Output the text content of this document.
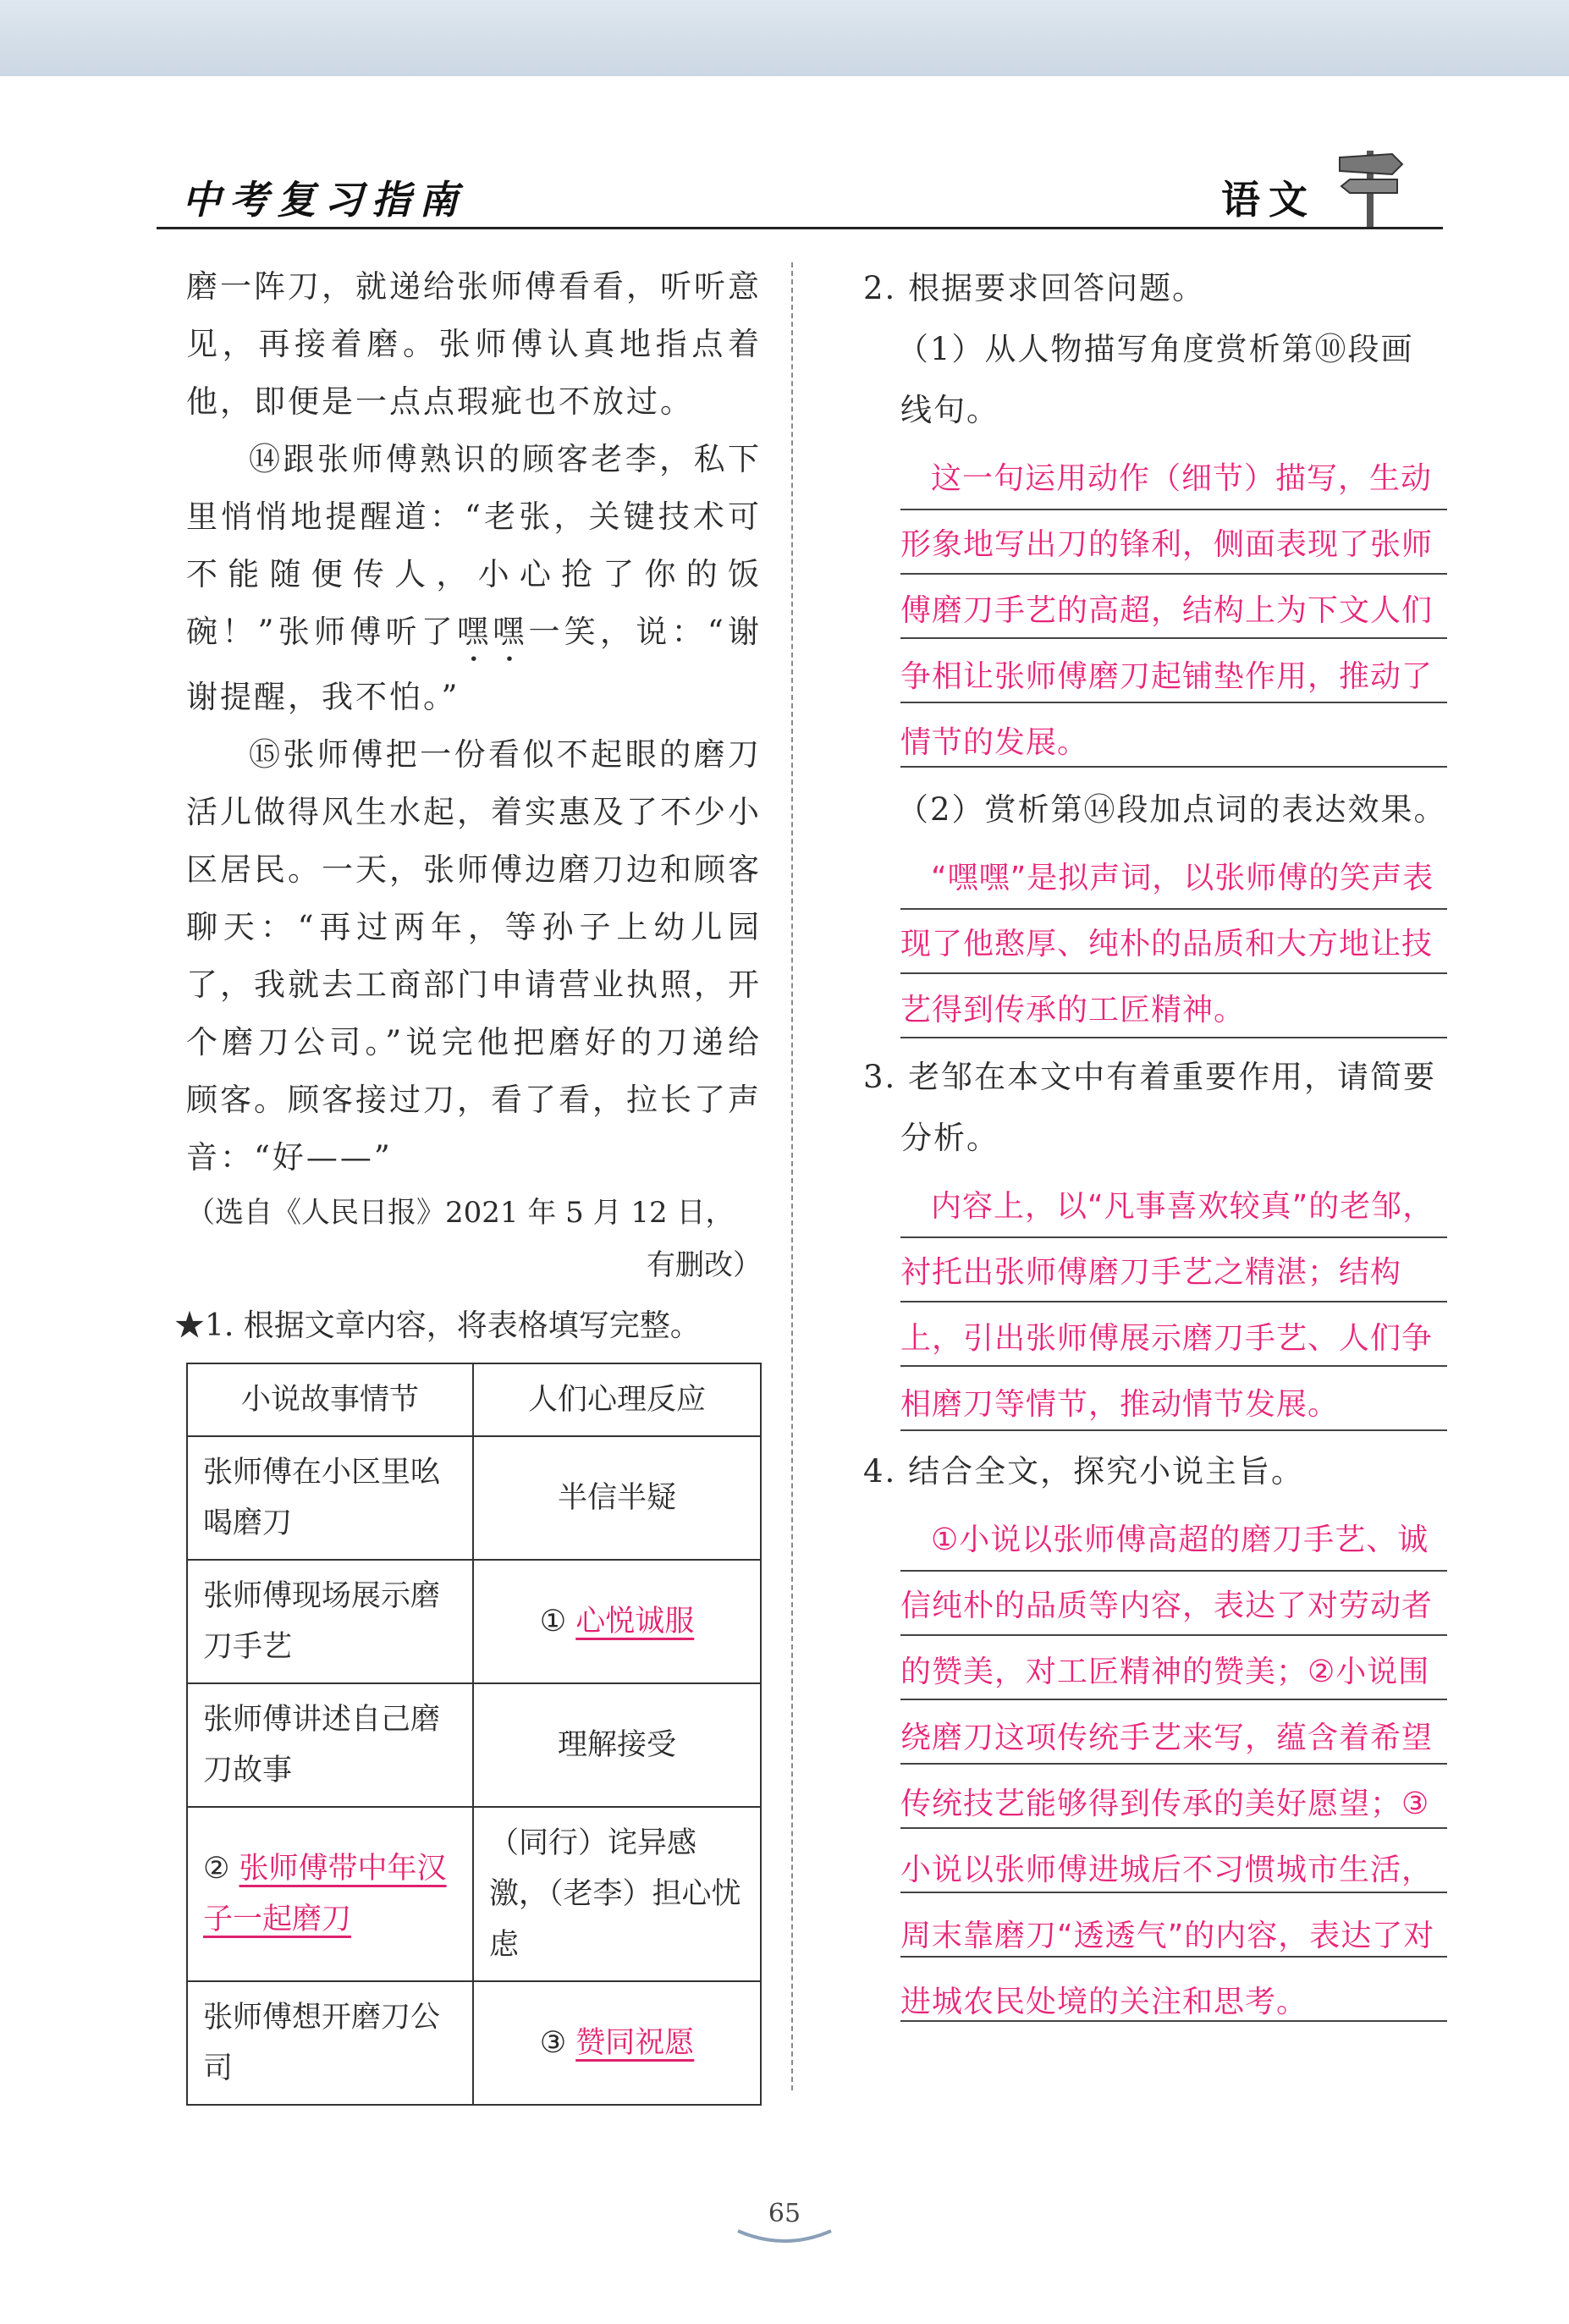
中考复习指南	语文

磨一阵刀，就递给张师傅看看，听听意见，再接着磨。张师傅认真地指点着他，即便是一点点瑕疵也不放过。

⑭跟张师傅熟识的顾客老李，私下里悄悄地提醒道：“老张，关键技术可不能随便传人，小心抢了你的饭碗！”张师傅听了嘿嘿一笑，说：“谢谢提醒，我不怕。”

⑮张师傅把一份看似不起眼的磨刀活儿做得风生水起，着实惠及了不少小区居民。一天，张师傅边磨刀边和顾客聊天：“再过两年，等孙子上幼儿园了，我就去工商部门申请营业执照，开个磨刀公司。”说完他把磨好的刀递给顾客。顾客接过刀，看了看，拉长了声音：“好——”

（选自《人民日报》2021 年 5 月 12 日，

有删改）

★1. 根据文章内容，将表格填写完整。

小说故事情节	人们心理反应
张师傅在小区里吆喝磨刀	半信半疑
张师傅现场展示磨刀手艺	① 心悦诚服
张师傅讲述自己磨刀故事	理解接受
② 张师傅带中年汉子一起磨刀	（同行）诧异感激，（老李）担心忧虑
张师傅想开磨刀公司	③ 赞同祝愿

2. 根据要求回答问题。

（1）从人物描写角度赏析第⑩段画

线句。

这一句运用动作（细节）描写，生动形象地写出刀的锋利，侧面表现了张师傅磨刀手艺的高超，结构上为下文人们争相让张师傅磨刀起铺垫作用，推动了情节的发展。

（2）赏析第⑭段加点词的表达效果。

“嘿嘿”是拟声词，以张师傅的笑声表现了他憨厚、纯朴的品质和大方地让技艺得到传承的工匠精神。

3. 老邹在本文中有着重要作用，请简要

分析。

内容上，以“凡事喜欢较真”的老邹，衬托出张师傅磨刀手艺之精湛；结构上，引出张师傅展示磨刀手艺、人们争相磨刀等情节，推动情节发展。

4. 结合全文，探究小说主旨。

①小说以张师傅高超的磨刀手艺、诚信纯朴的品质等内容，表达了对劳动者的赞美，对工匠精神的赞美；②小说围绕磨刀这项传统手艺来写，蕴含着希望传统技艺能够得到传承的美好愿望；③小说以张师傅进城后不习惯城市生活，周末靠磨刀“透透气”的内容，表达了对进城农民处境的关注和思考。
65
